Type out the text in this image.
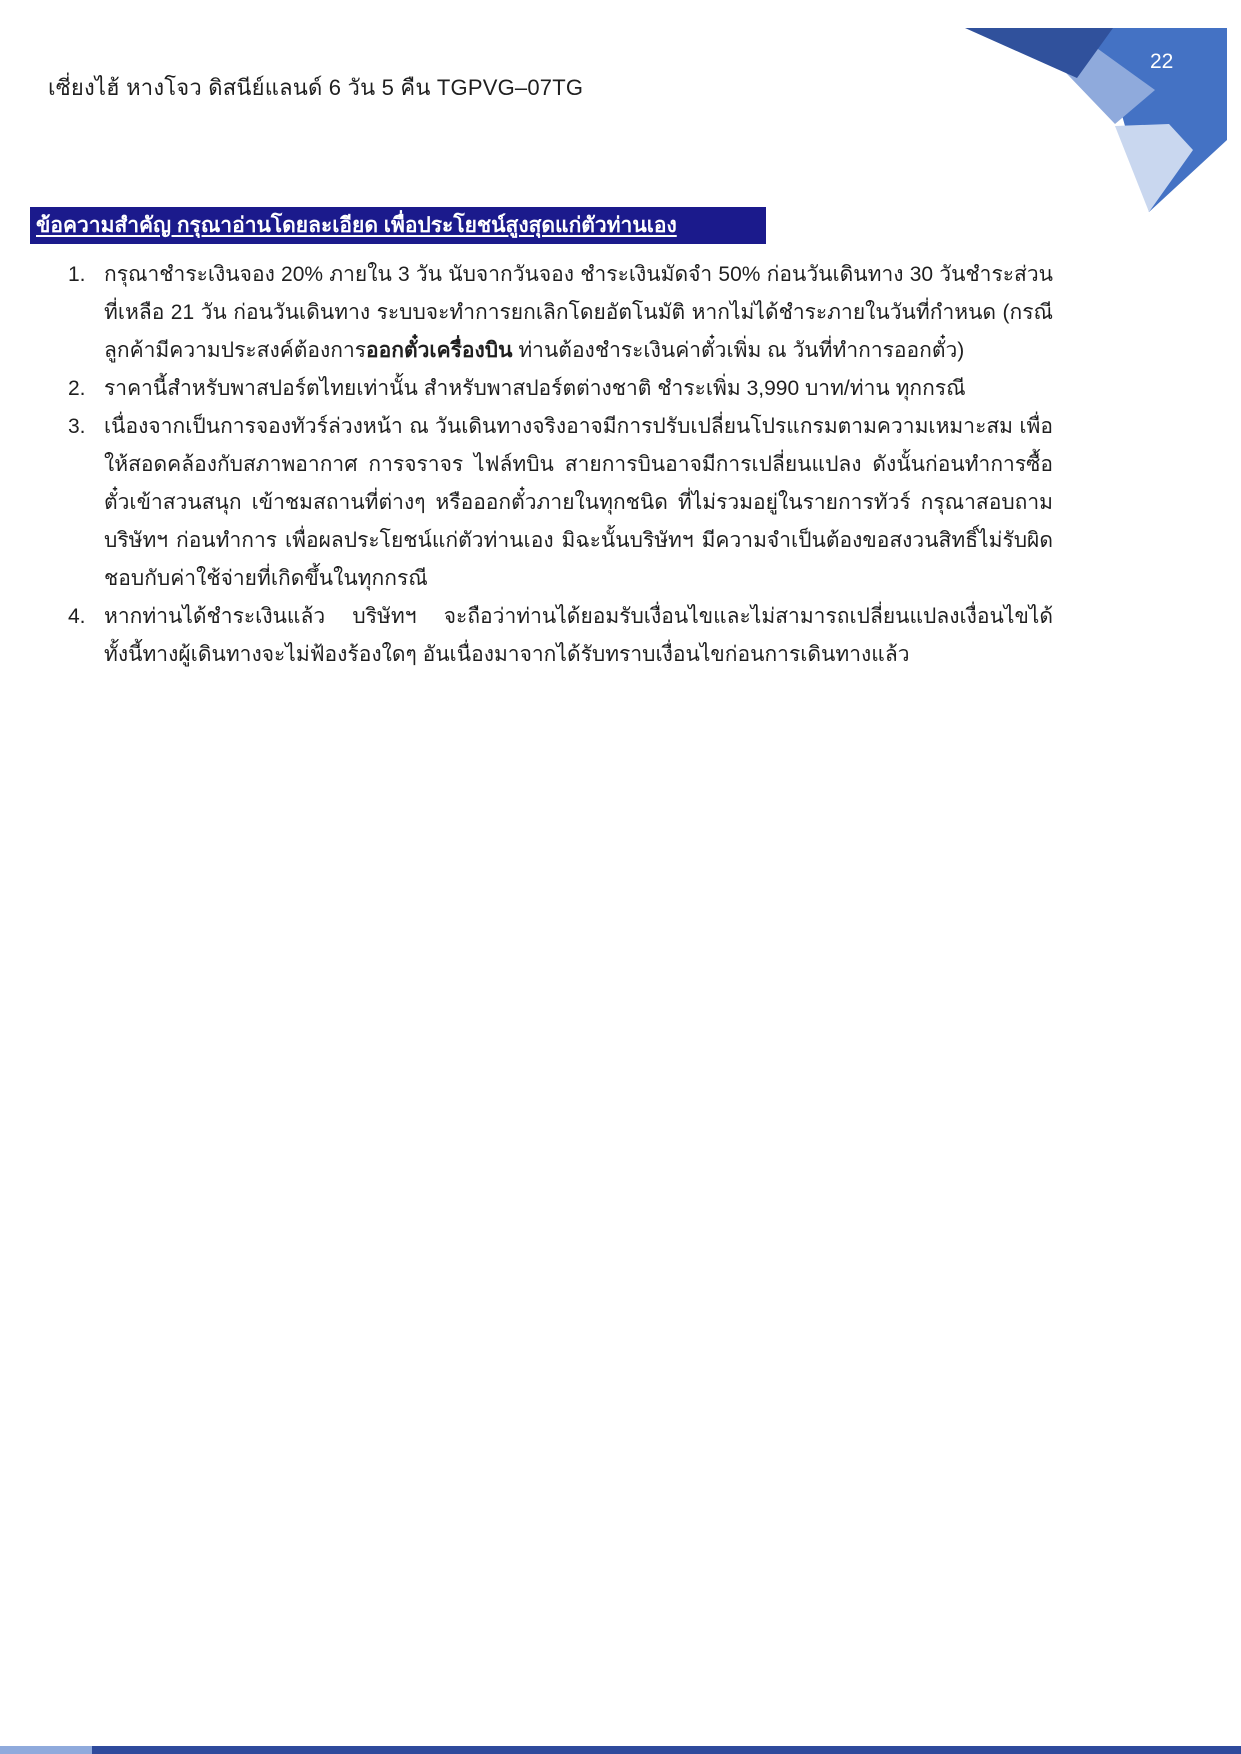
เซี่ยงไฮ้ หางโจว ดิสนีย์แลนด์ 6 วัน 5 คืน TGPVG–07TG
22
ข้อความสำคัญ กรุณาอ่านโดยละเอียด เพื่อประโยชน์สูงสุดแก่ตัวท่านเอง
1. กรุณาชำระเงินจอง 20% ภายใน 3 วัน นับจากวันจอง ชำระเงินมัดจำ 50% ก่อนวันเดินทาง 30 วันชำระส่วนที่เหลือ 21 วัน ก่อนวันเดินทาง ระบบจะทำการยกเลิกโดยอัตโนมัติ หากไม่ได้ชำระภายในวันที่กำหนด (กรณีลูกค้ามีความประสงค์ต้องการออกตั๋วเครื่องบิน ท่านต้องชำระเงินค่าตั๋วเพิ่ม ณ วันที่ทำการออกตั๋ว)
2. ราคานี้สำหรับพาสปอร์ตไทยเท่านั้น สำหรับพาสปอร์ตต่างชาติ ชำระเพิ่ม 3,990 บาท/ท่าน ทุกกรณี
3. เนื่องจากเป็นการจองทัวร์ล่วงหน้า ณ วันเดินทางจริงอาจมีการปรับเปลี่ยนโปรแกรมตามความเหมาะสม เพื่อให้สอดคล้องกับสภาพอากาศ การจราจร ไฟล์ทบิน สายการบินอาจมีการเปลี่ยนแปลง ดังนั้นก่อนทำการซื้อตั๋วเข้าสวนสนุก เข้าชมสถานที่ต่างๆ หรือออกตั๋วภายในทุกชนิด ที่ไม่รวมอยู่ในรายการทัวร์ กรุณาสอบถามบริษัทฯ ก่อนทำการ เพื่อผลประโยชน์แก่ตัวท่านเอง มิฉะนั้นบริษัทฯ มีความจำเป็นต้องขอสงวนสิทธิ์ไม่รับผิดชอบกับค่าใช้จ่ายที่เกิดขึ้นในทุกกรณี
4. หากท่านได้ชำระเงินแล้ว บริษัทฯ จะถือว่าท่านได้ยอมรับเงื่อนไขและไม่สามารถเปลี่ยนแปลงเงื่อนไขได้ ทั้งนี้ทางผู้เดินทางจะไม่ฟ้องร้องใดๆ อันเนื่องมาจากได้รับทราบเงื่อนไขก่อนการเดินทางแล้ว
